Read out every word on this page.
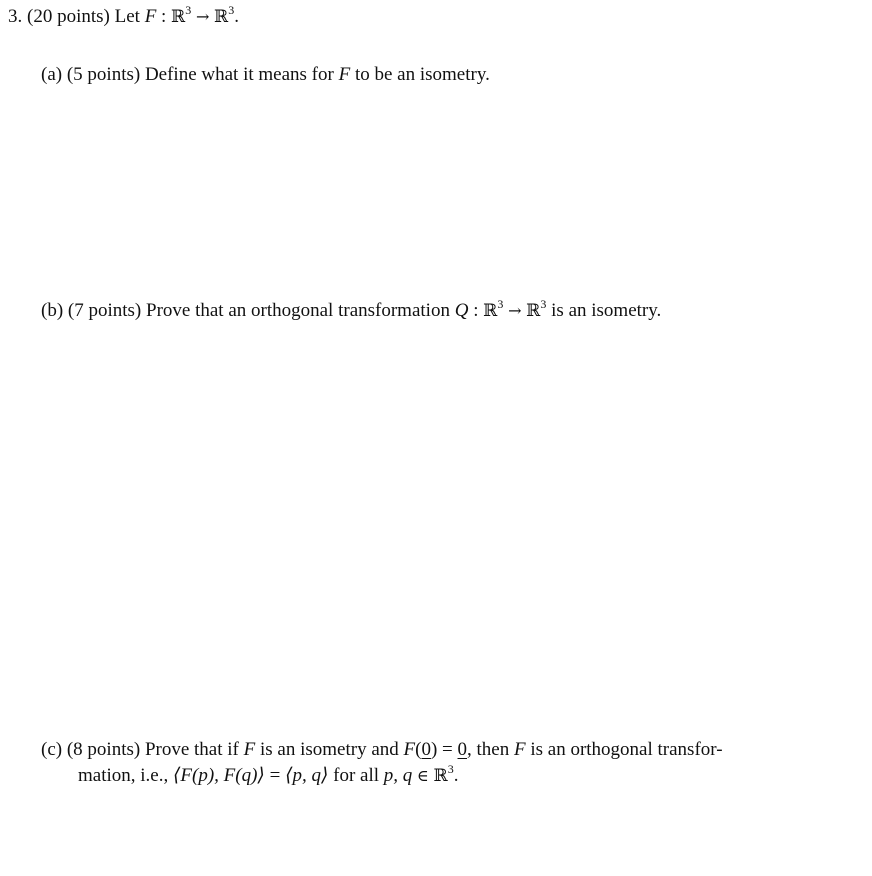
3. (20 points) Let F : ℝ$^3$ → ℝ$^3$.
(a) (5 points) Define what it means for F to be an isometry.
(b) (7 points) Prove that an orthogonal transformation Q : ℝ$^3$ → ℝ$^3$ is an isometry.
(c) (8 points) Prove that if F is an isometry and F(0) = 0, then F is an orthogonal transfor-
mation, i.e., ⟨F(p), F(q)⟩ = ⟨p, q⟩ for all p, q ∈ ℝ$^3$.
